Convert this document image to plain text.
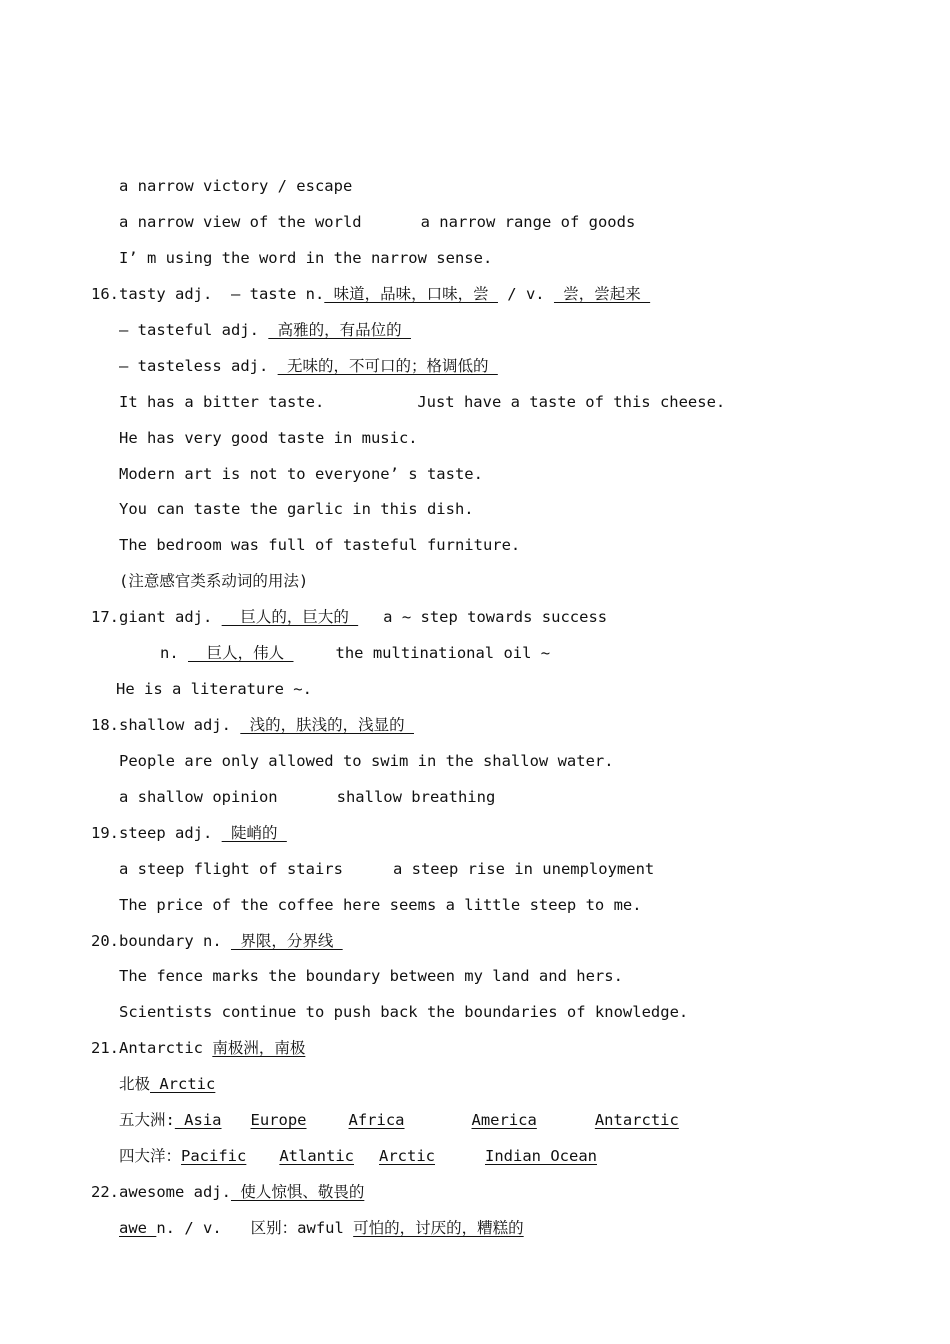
a narrow victory / escape

a narrow view of the world	a narrow range of goods

I’ m using the word in the narrow sense.

16.tasty adj.  – taste n. 味道，品味，口味，尝  / v.  尝，尝起来

— tasteful adj.  高雅的，有品位的

— tasteless adj.  无味的，不可口的；格调低的

It has a bitter taste.	Just have a taste of this cheese.

He has very good taste in music.

Modern art is not to everyone’ s taste.

You can taste the garlic in this dish.

The bedroom was full of tasteful furniture.

(注意感官类系动词的用法)

17.giant adj.   巨人的，巨大的 a ~ step towards success

n.   巨人，伟人	the multinational oil ~

He is a literature ~.

18.shallow adj.  浅的，肤浅的，浅显的

People are only allowed to swim in the shallow water.

a shallow opinion	shallow breathing

19.steep adj.  陡峭的

a steep flight of stairs	a steep rise in unemployment

The price of the coffee here seems a little steep to me.

20.boundary n.  界限，分界线

The fence marks the boundary between my land and hers.

Scientists continue to push back the boundaries of knowledge.

21.Antarctic 南极洲，南极

北极 Arctic

五大洲: Asia Europe	Africa	America	Antarctic

四大洋：Pacific Atlantic Arctic	Indian Ocean

22.awesome adj. 使人惊惧、敬畏的

awe n. / v. 区别：awful 可怕的，讨厌的，糟糕的
